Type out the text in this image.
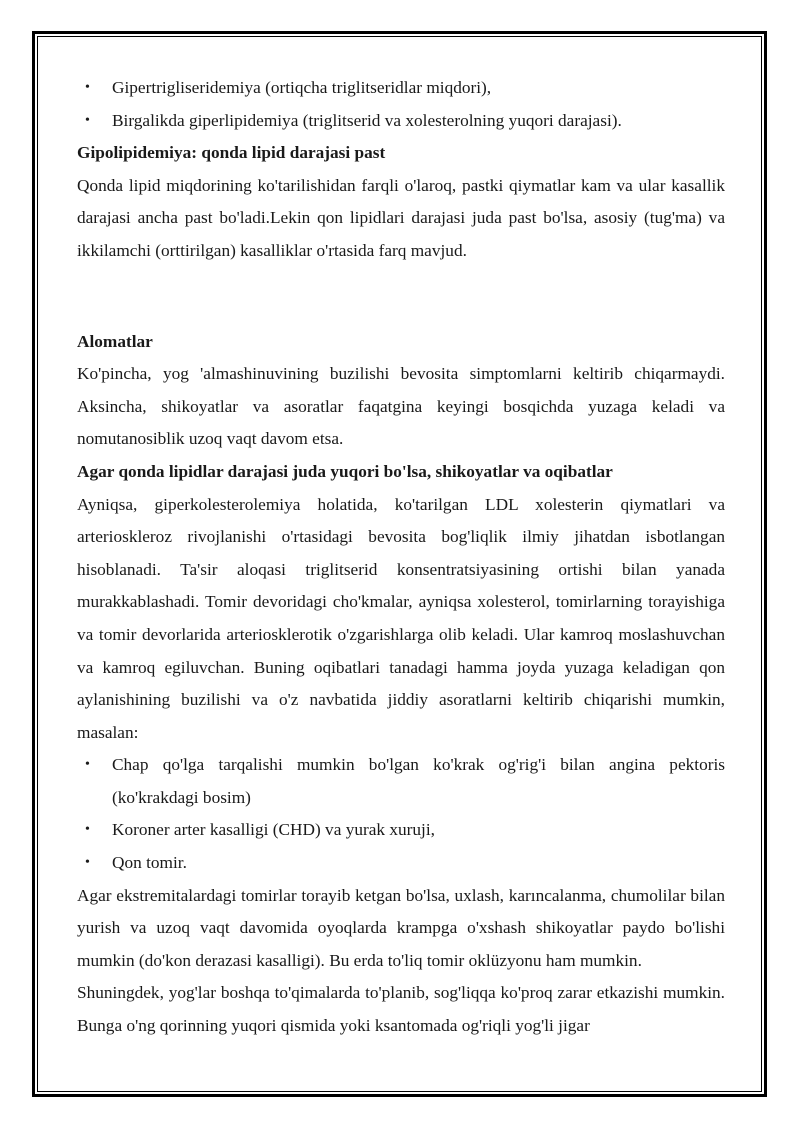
• Gipertrigliseridemiya (ortiqcha triglitseridlar miqdori),
• Birgalikda giperlipidemiya (triglitserid va xolesterolning yuqori darajasi).

Gipolipidemiya: qonda lipid darajasi past

Qonda lipid miqdorining ko'tarilishidan farqli o'laroq, pastki qiymatlar kam va ular kasallik darajasi ancha past bo'ladi.Lekin qon lipidlari darajasi juda past bo'lsa, asosiy (tug'ma) va ikkilamchi (orttirilgan) kasalliklar o'rtasida farq mavjud.

Alomatlar

Ko'pincha, yog 'almashinuvining buzilishi bevosita simptomlarni keltirib chiqarmaydi. Aksincha, shikoyatlar va asoratlar faqatgina keyingi bosqichda yuzaga keladi va nomutanosiblik uzoq vaqt davom etsa.

Agar qonda lipidlar darajasi juda yuqori bo'lsa, shikoyatlar va oqibatlar

Ayniqsa, giperkolesterolemiya holatida, ko'tarilgan LDL xolesterin qiymatlari va arterioskleroz rivojlanishi o'rtasidagi bevosita bog'liqlik ilmiy jihatdan isbotlangan hisoblanadi. Ta'sir aloqasi triglitserid konsentratsiyasining ortishi bilan yanada murakkablashadi. Tomir devoridagi cho'kmalar, ayniqsa xolesterol, tomirlarning torayishiga va tomir devorlarida arteriosklerotik o'zgarishlarga olib keladi. Ular kamroq moslashuvchan va kamroq egiluvchan. Buning oqibatlari tanadagi hamma joyda yuzaga keladigan qon aylanishining buzilishi va o'z navbatida jiddiy asoratlarni keltirib chiqarishi mumkin, masalan:

• Chap qo'lga tarqalishi mumkin bo'lgan ko'krak og'rig'i bilan angina pektoris (ko'krakdagi bosim)
• Koroner arter kasalligi (CHD) va yurak xuruji,
• Qon tomir.

Agar ekstremitalardagi tomirlar torayib ketgan bo'lsa, uxlash, karıncalanma, chumolilar bilan yurish va uzoq vaqt davomida oyoqlarda krampga o'xshash shikoyatlar paydo bo'lishi mumkin (do'kon derazasi kasalligi). Bu erda to'liq tomir oklüzyonu ham mumkin.

Shuningdek, yog'lar boshqa to'qimalarda to'planib, sog'liqqa ko'proq zarar etkazishi mumkin. Bunga o'ng qorinning yuqori qismida yoki ksantomada og'riqli yog'li jigar
